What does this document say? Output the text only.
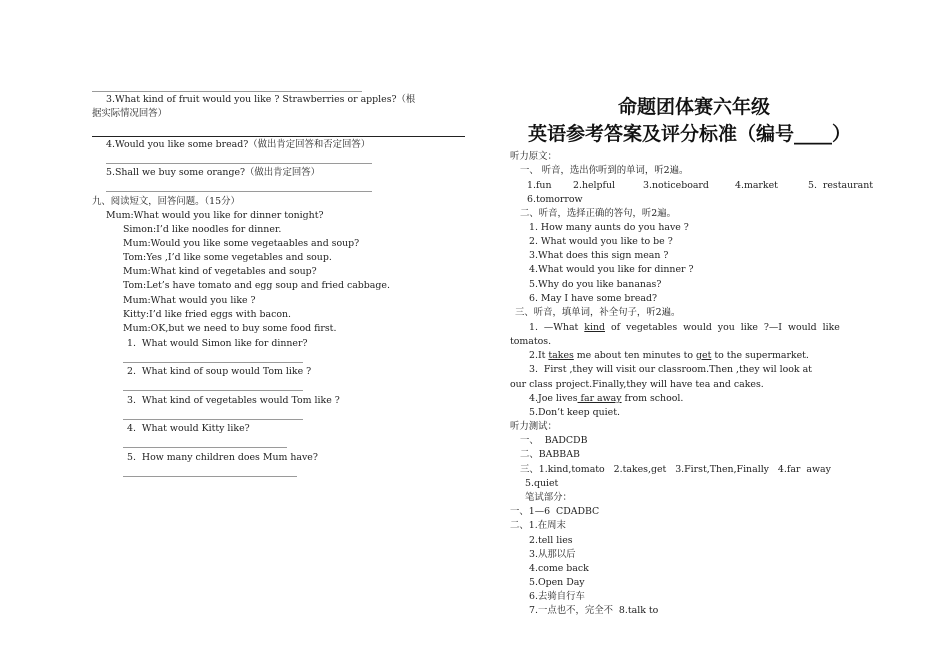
3.What kind of fruit would you like ? Strawberries or apples?（根
据实际情况回答）
4.Would you like some bread?（做出肯定回答和否定回答）
5.Shall we buy some orange?（做出肯定回答）
九、阅读短文，回答问题。（15分）
Mum:What would you like for dinner tonight?
Simon:I’d like noodles for dinner.
Mum:Would you like some vegetaables and soup?
Tom:Yes ,I’d like some vegetables and soup.
Mum:What kind of vegetables and soup?
Tom:Let’s have tomato and egg soup and fried cabbage.
Mum:What would you like ?
Kitty:I’d like fried eggs with bacon.
Mum:OK,but we need to buy some food first.
1.  What would Simon like for dinner?
2.  What kind of soup would Tom like ?
3.  What kind of vegetables would Tom like ?
4.  What would Kitty like?
5.  How many children does Mum have?
命题团体赛六年级
英语参考答案及评分标准（编号____）
听力原文：
一、 听音，选出你听到的单词，听2遍。
1.fun 2.helpful	3.noticeboard	4.market	5.  restaurant
6.tomorrow
二、听音，选择正确的答句，听2遍。
1. How many aunts do you have ?
2. What would you like to be ?
3.What does this sign mean ?
4.What would you like for dinner ?
5.Why do you like bananas?
6. May I have some bread?
三、听音，填单词，补全句子，听2遍。
1.  —What kind of  vegetables  would  you  like  ?—I  would  like
tomatos.
2.It takes me about ten minutes to get to the supermarket.
3.  First ,they will visit our classroom.Then ,they wil look at
our class project.Finally,they will have tea and cakes.
4.Joe lives far away from school.
5.Don’t keep quiet.
听力测试：
一、  BADCDB
二、BABBAB
三、1.kind,tomato   2.takes,get   3.First,Then,Finally   4.far  away
5.quiet
笔试部分：
一、1—6  CDADBC
二、1.在周末
2.tell lies
3.从那以后
4.come back
5.Open Day
6.去骑自行车
7.一点也不，完全不  8.talk to
